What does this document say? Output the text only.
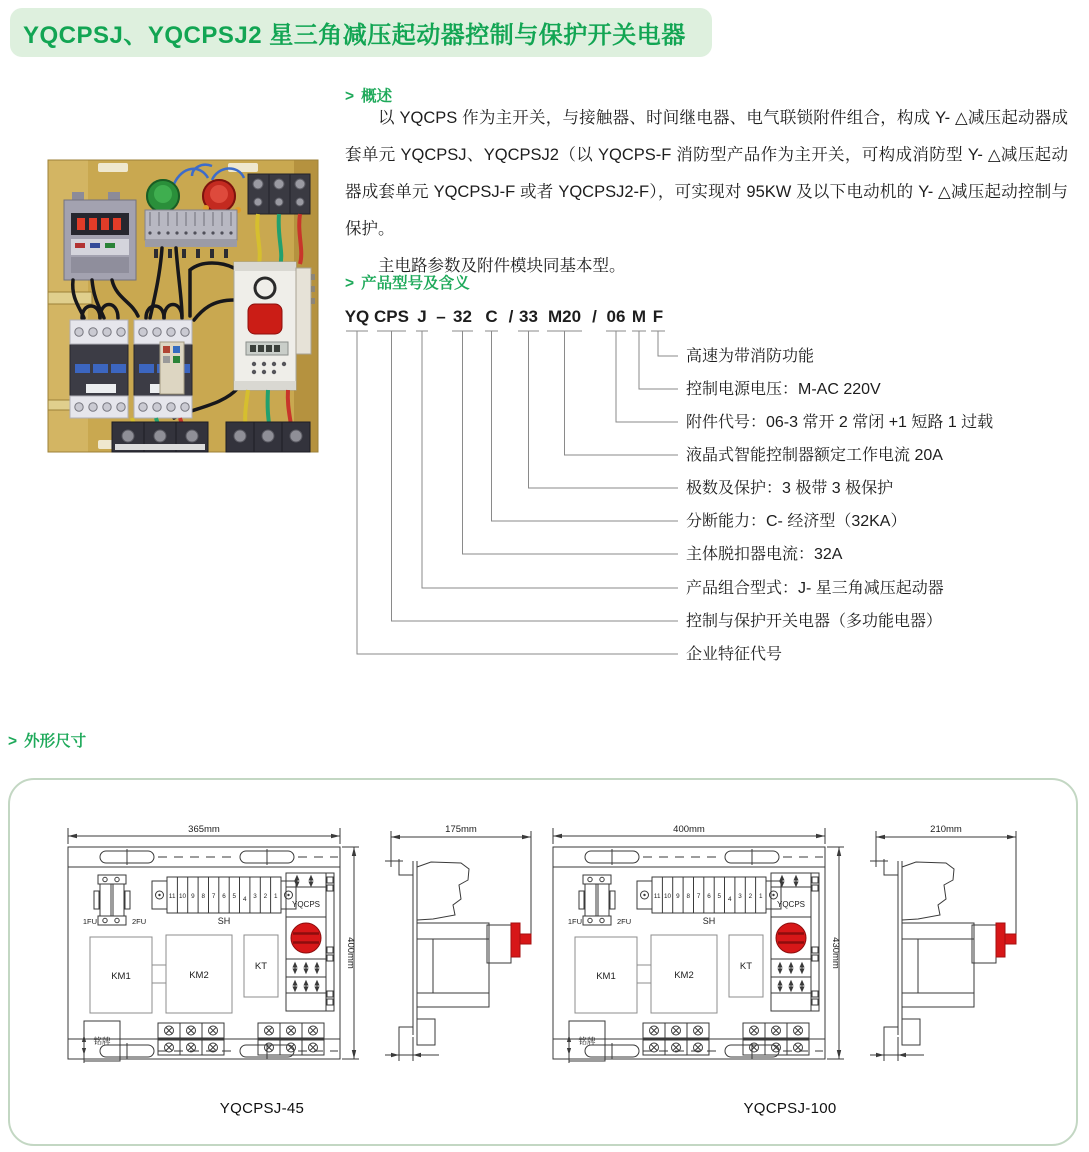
YQCPSJ、YQCPSJ2 星三角减压起动器控制与保护开关电器
> 概述

以 YQCPS 作为主开关，与接触器、时间继电器、电气联锁附件组合，构成 Y- △减压起动器成套单元 YQCPSJ、YQCPSJ2（以 YQCPS-F 消防型产品作为主开关，可构成消防型 Y- △减压起动器成套单元 YQCPSJ-F 或者 YQCPSJ2-F），可实现对 95KW 及以下电动机的 Y- △减压起动控制与保护。

主电路参数及附件模块同基本型。

> 产品型号及含义
YQ CPS J – 32 C / 33 M20 / 06 M F
高速为带消防功能
控制电源电压：M-AC 220V
附件代号：06-3 常开 2 常闭 +1 短路 1 过载
液晶式智能控制器额定工作电流 20A
极数及保护：3 极带 3 极保护
分断能力：C- 经济型（32KA）
主体脱扣器电流：32A
产品组合型式：J- 星三角减压起动器
控制与保护开关电器（多功能电器）
企业特征代号
> 外形尺寸
365mm
400mm
1FU	2FU
11 10 9 8 7 6 5 4 3 2 1
SH
KM1	KM2
KT
YQCPS
铭牌
175mm	400mm
430mm
1FU	2FU
11 10 9 8 7 6 5 4 3 2 1
SH
KM1	KM2
KT
YQCPS
铭牌
210mm
YQCPSJ-45	YQCPSJ-100
